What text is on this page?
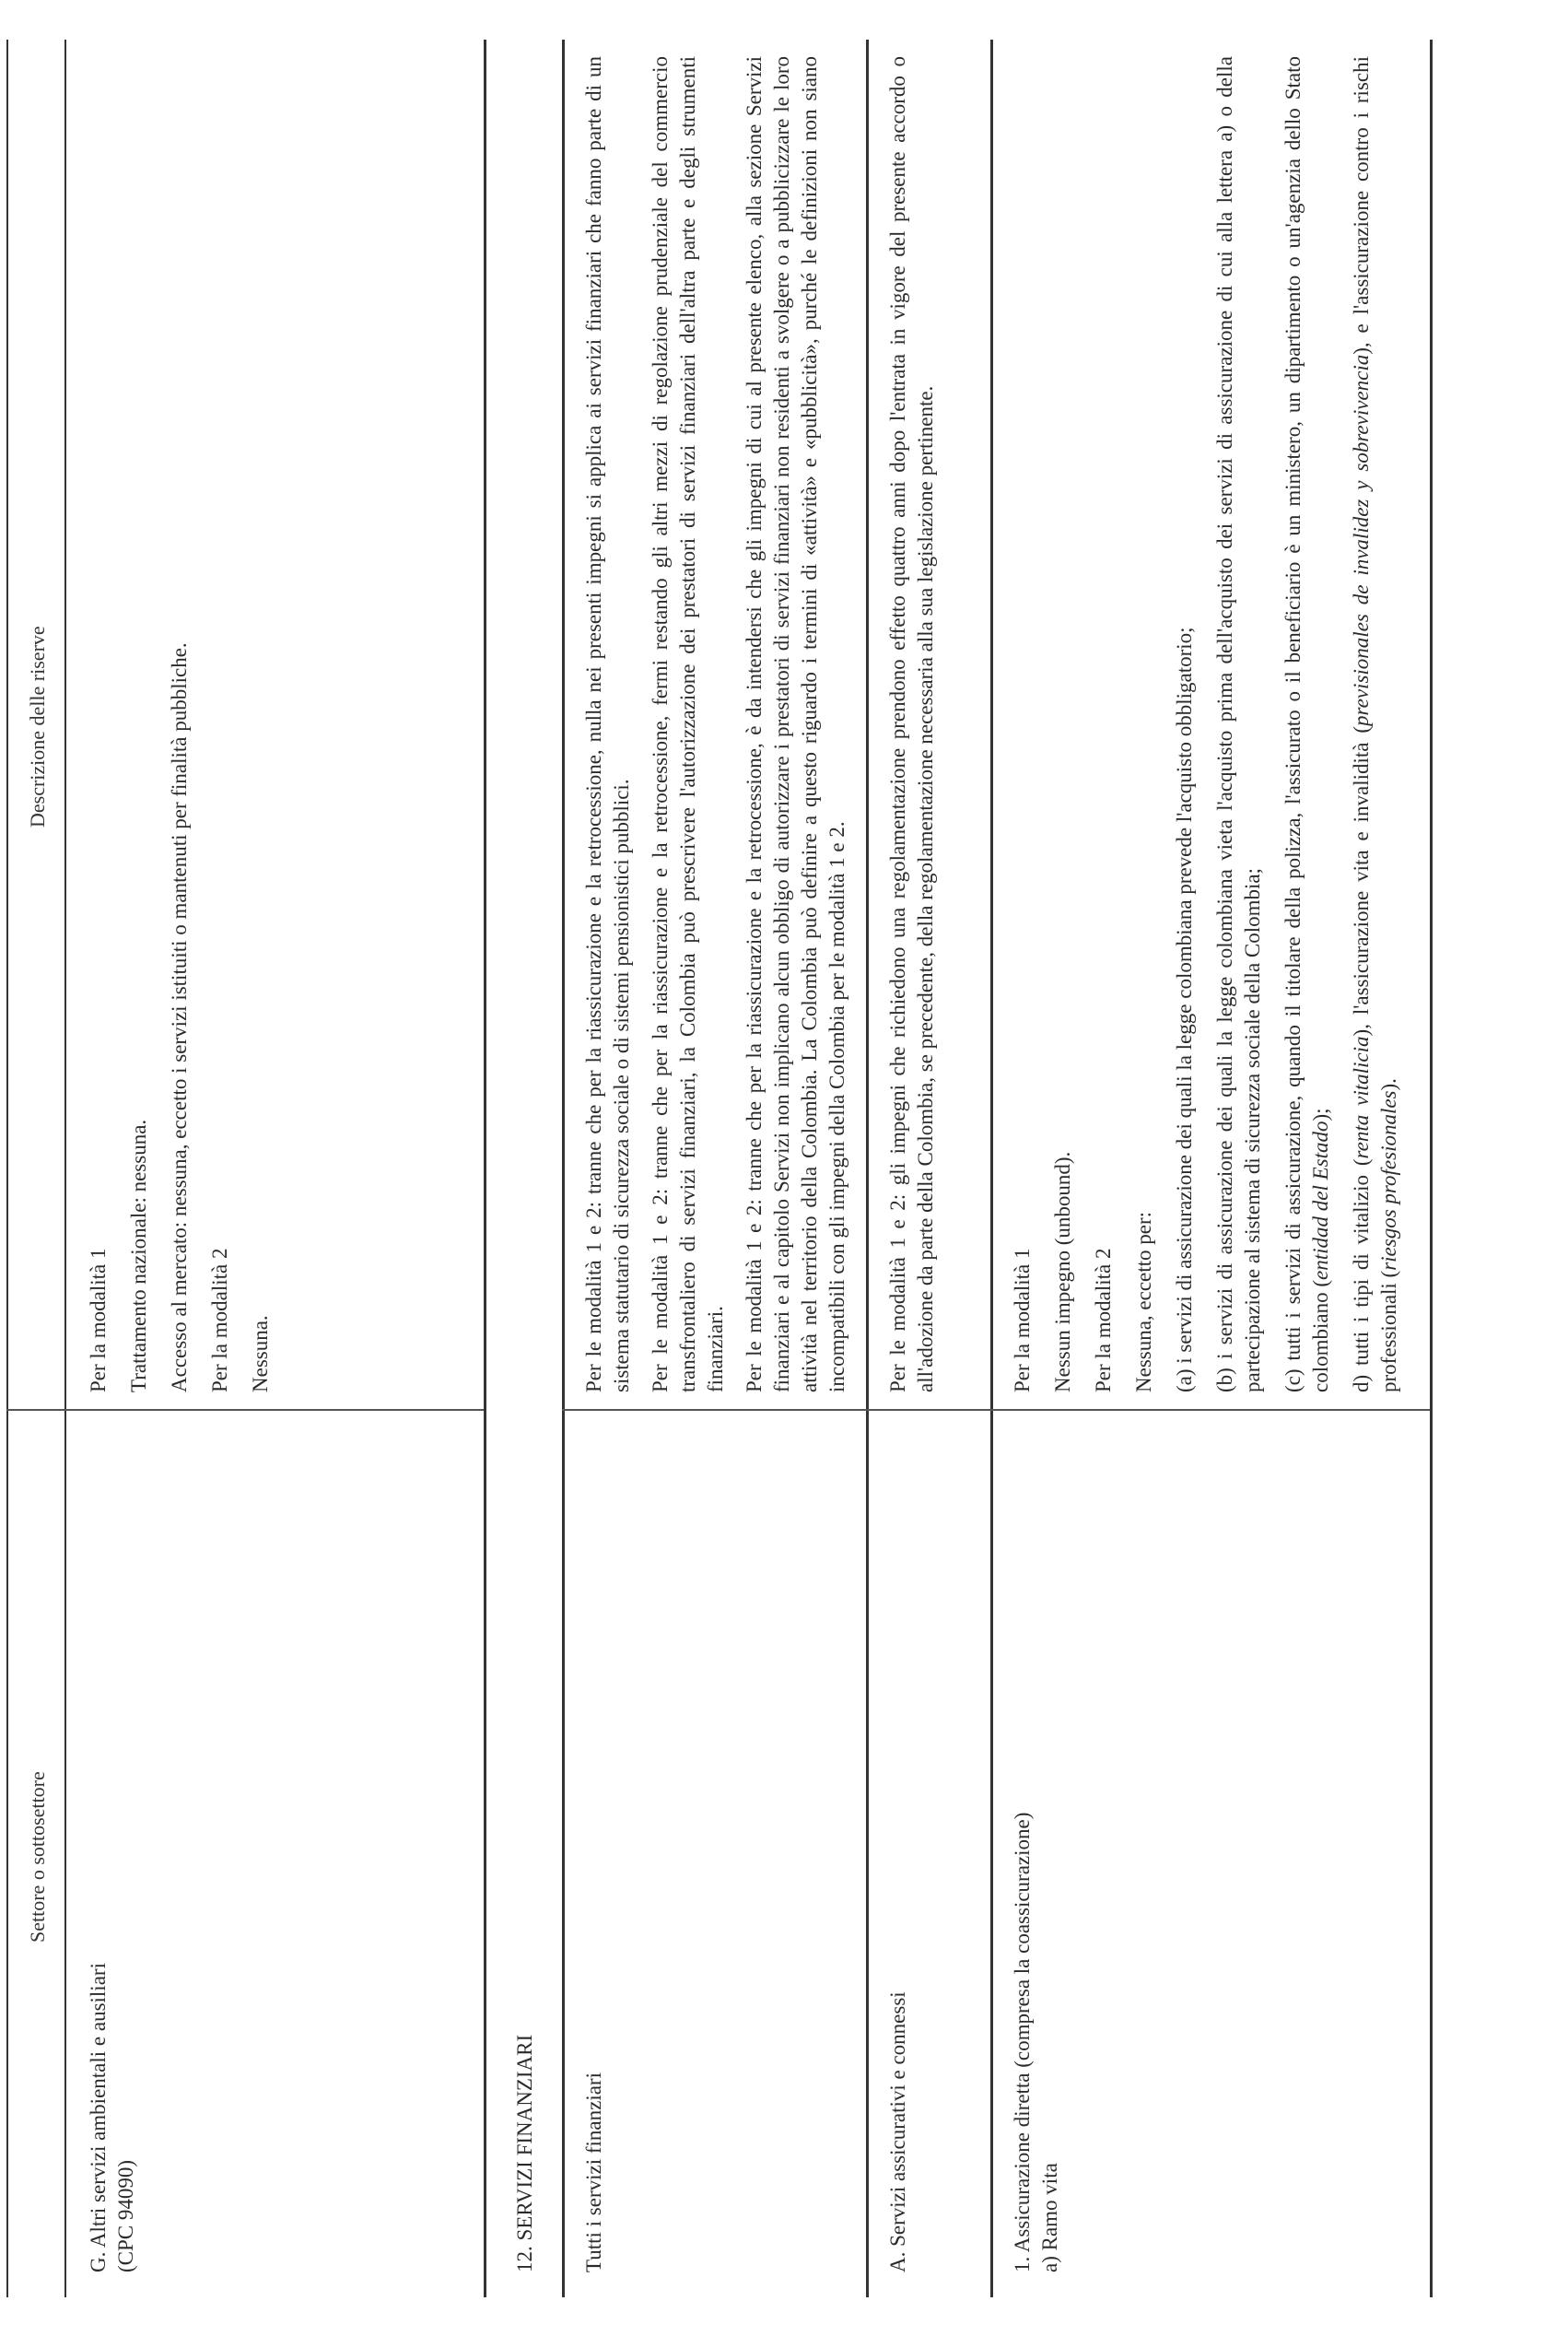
Settore o sottosettore
Descrizione delle riserve

G. Altri servizi ambientali e ausiliari (CPC 94090)

Per la modalità 1 Trattamento nazionale: nessuna. Accesso al mercato: nessuna, eccetto i servizi istituiti o mantenuti per finalità pubbliche. Per la modalità 2 Nessuna.

12. SERVIZI FINANZIARI Tutti i servizi finanziari

Per le modalità 1 e 2: tranne che per la riassicurazione e la retrocessione, nulla nei presenti impegni si applica ai servizi finanziari che fanno parte di un sistema statutario di sicurezza sociale o di sistemi pensionistici pubblici. Per le modalità 1 e 2: tranne che per la riassicurazione e la retrocessione, fermi restando gli altri mezzi di regolazione prudenziale del commercio transfrontaliero di servizi finanziari, la Colombia può prescrivere l'autorizzazione dei prestatori di servizi finanziari dell'altra parte e degli strumenti finanziari. Per le modalità 1 e 2: tranne che per la riassicurazione e la retrocessione, è da intendersi che gli impegni di cui al presente elenco, alla sezione Servizi finanziari e al capitolo Servizi non implicano alcun obbligo di autorizzare i prestatori di servizi finanziari non residenti a svolgere o a pubblicizzare le loro attività nel territorio della Colombia. La Colombia può definire a questo riguardo i termini di «attività» e «pubblicità», purché le definizioni non siano incompatibili con gli impegni della Colombia per le modalità 1 e 2.

A. Servizi assicurativi e connessi

Per le modalità 1 e 2: gli impegni che richiedono una regolamentazione prendono effetto quattro anni dopo l'entrata in vigore del presente accordo o all'adozione da parte della Colombia, se precedente, della regolamentazione necessaria alla sua legislazione pertinente.

1. Assicurazione diretta (compresa la coassicurazione) a) Ramo vita

Per la modalità 1 Nessun impegno (unbound). Per la modalità 2 Nessuna, eccetto per: (a) i servizi di assicurazione dei quali la legge colombiana prevede l'acquisto obbligatorio; (b) i servizi di assicurazione dei quali la legge colombiana vieta l'acquisto prima dell'acquisto dei servizi di assicurazione di cui alla lettera a) o della partecipazione al sistema di sicurezza sociale della Colombia; (c) tutti i servizi di assicurazione, quando il titolare della polizza, l'assicurato o il beneficiario è un ministero, un dipartimento o un'agenzia dello Stato colombiano (entidad del Estado);

d) tutti i tipi di vitalizio (renta vitalicia), l'assicurazione vita e invalidità (previsionales de invalidez y sobrevivencia), e l'assicurazione contro i rischi professionali (riesgos profesionales).
